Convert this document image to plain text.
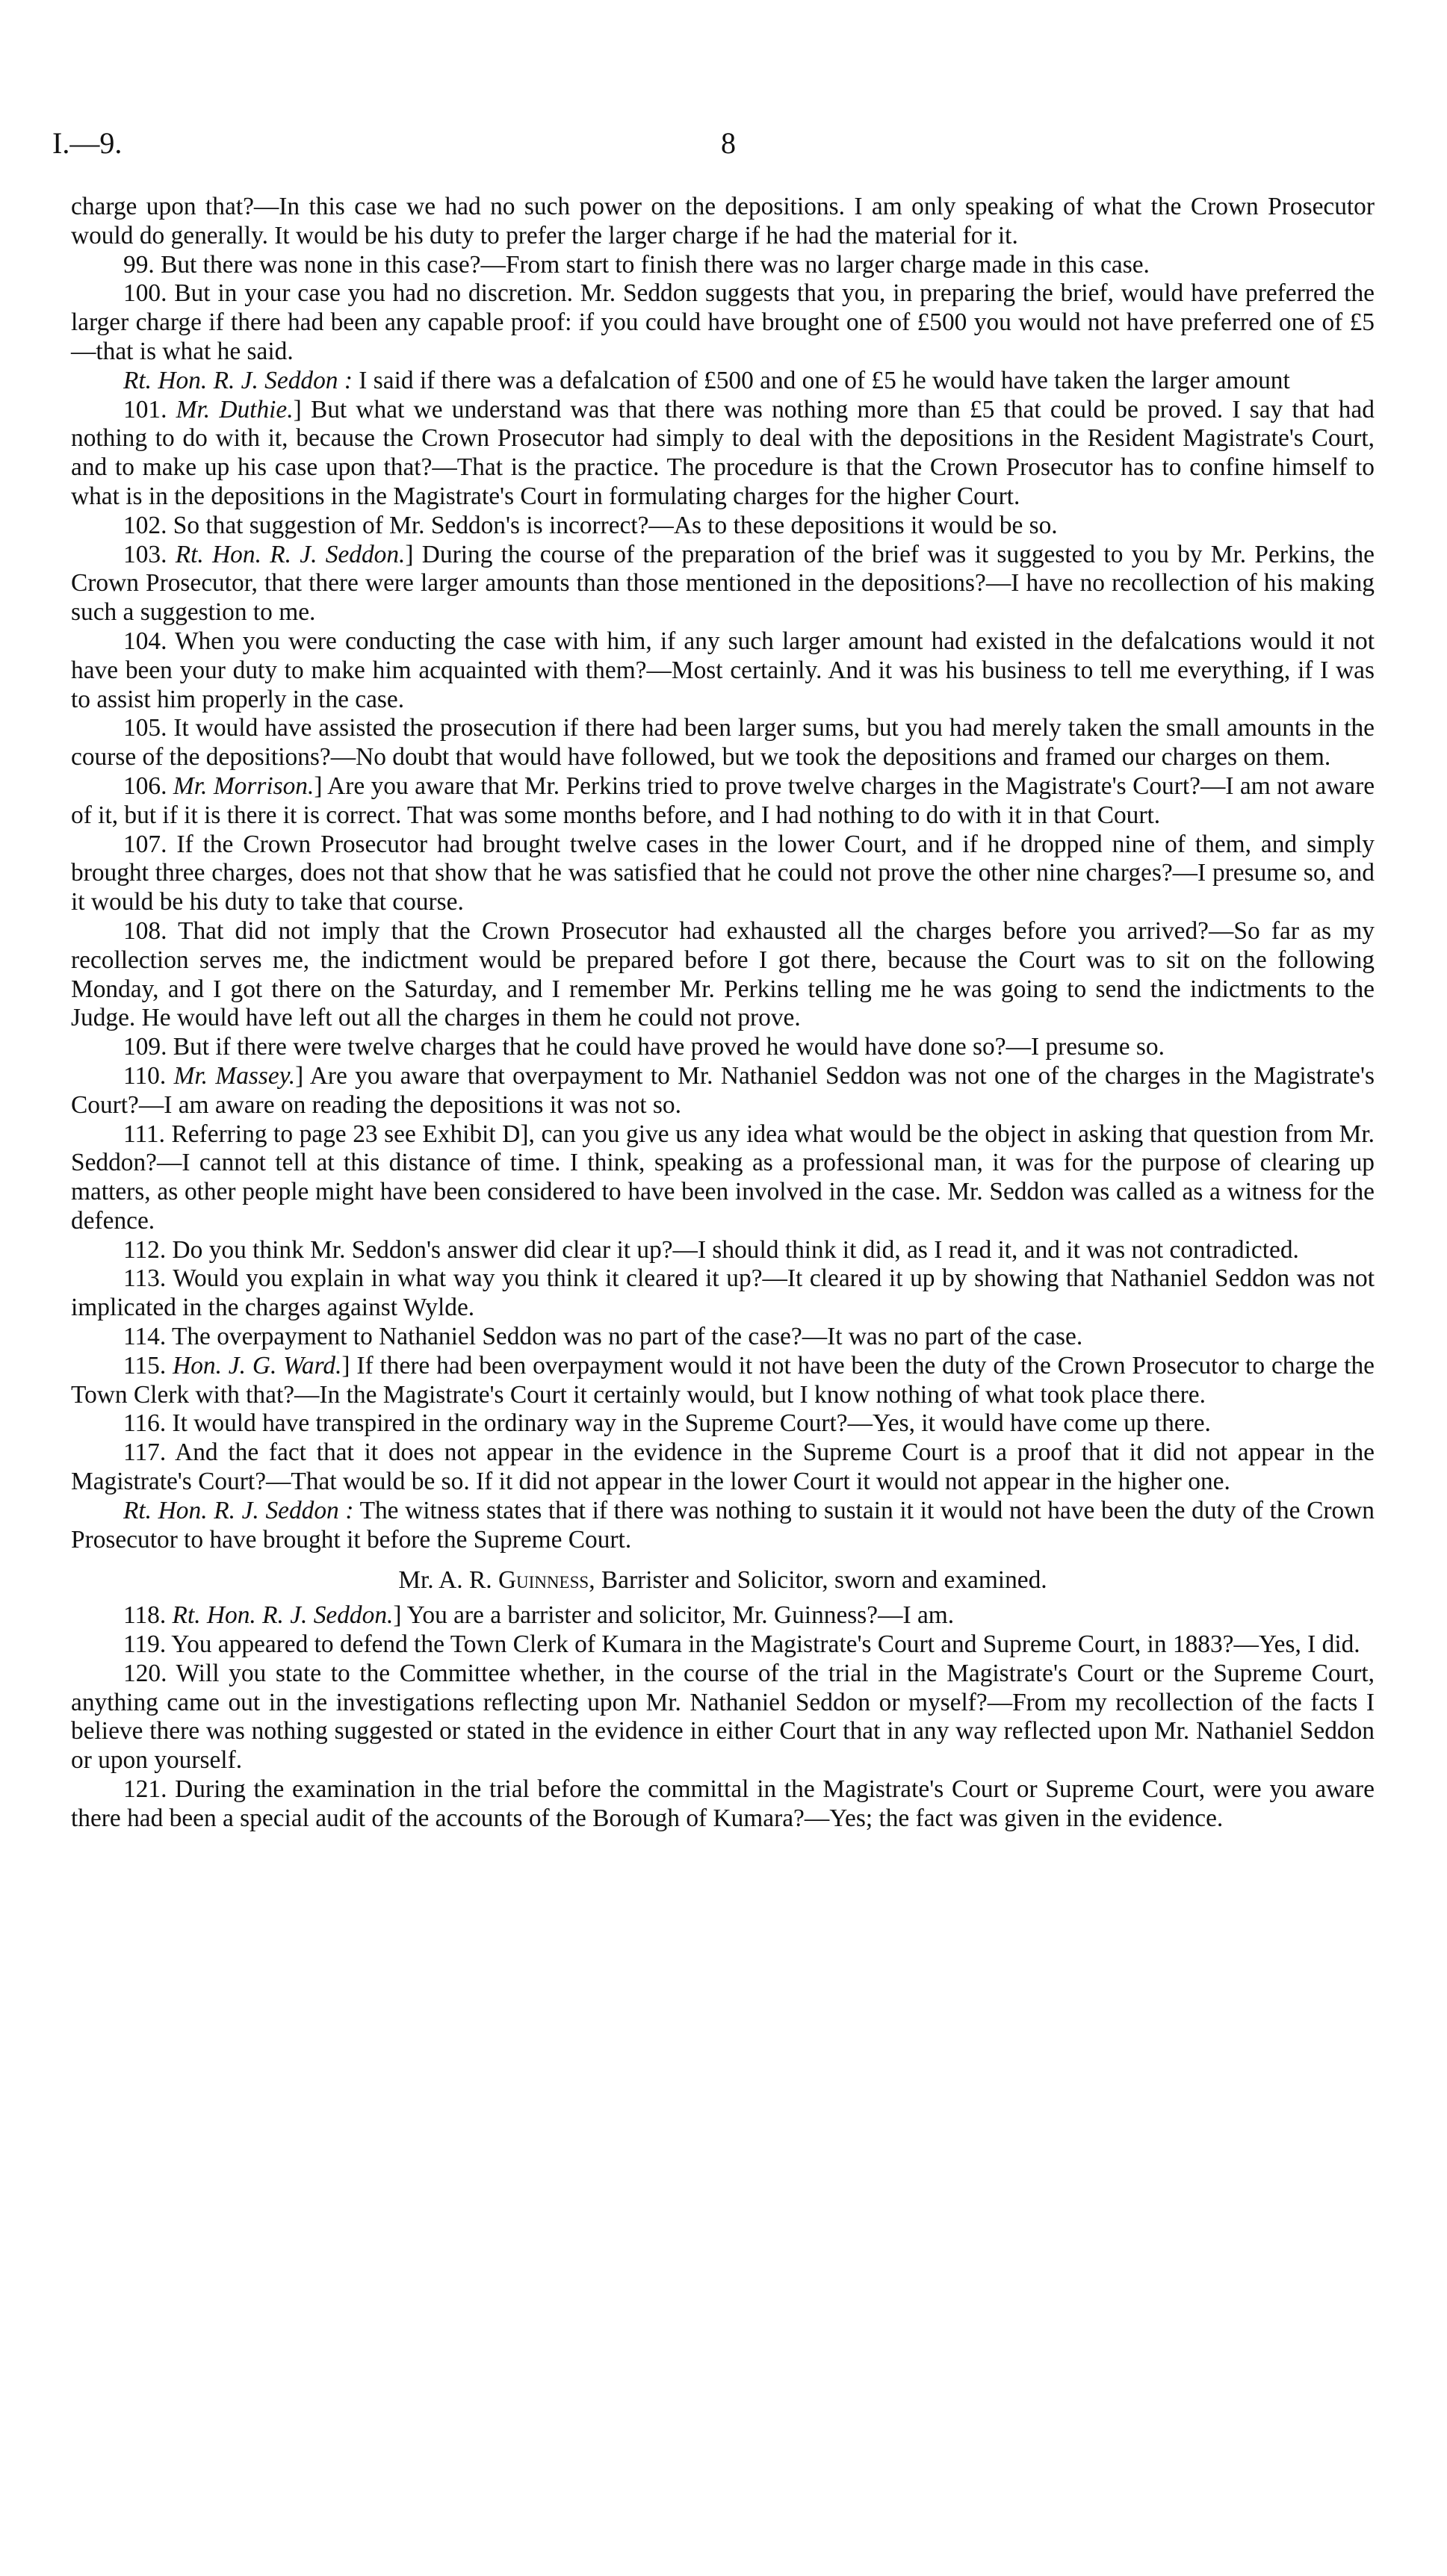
I.—9.	8

charge upon that?—In this case we had no such power on the depositions. I am only speaking of what the Crown Prosecutor would do generally. It would be his duty to prefer the larger charge if he had the material for it.

99. But there was none in this case?—From start to finish there was no larger charge made in this case.

100. But in your case you had no discretion. Mr. Seddon suggests that you, in preparing the brief, would have preferred the larger charge if there had been any capable proof: if you could have brought one of £500 you would not have preferred one of £5—that is what he said.

Rt. Hon. R. J. Seddon : I said if there was a defalcation of £500 and one of £5 he would have taken the larger amount

101. Mr. Duthie.] But what we understand was that there was nothing more than £5 that could be proved. I say that had nothing to do with it, because the Crown Prosecutor had simply to deal with the depositions in the Resident Magistrate's Court, and to make up his case upon that?—That is the practice. The procedure is that the Crown Prosecutor has to confine himself to what is in the depositions in the Magistrate's Court in formulating charges for the higher Court.

102. So that suggestion of Mr. Seddon's is incorrect?—As to these depositions it would be so.

103. Rt. Hon. R. J. Seddon.] During the course of the preparation of the brief was it suggested to you by Mr. Perkins, the Crown Prosecutor, that there were larger amounts than those mentioned in the depositions?—I have no recollection of his making such a suggestion to me.

104. When you were conducting the case with him, if any such larger amount had existed in the defalcations would it not have been your duty to make him acquainted with them?—Most certainly. And it was his business to tell me everything, if I was to assist him properly in the case.

105. It would have assisted the prosecution if there had been larger sums, but you had merely taken the small amounts in the course of the depositions?—No doubt that would have followed, but we took the depositions and framed our charges on them.

106. Mr. Morrison.] Are you aware that Mr. Perkins tried to prove twelve charges in the Magistrate's Court?—I am not aware of it, but if it is there it is correct. That was some months before, and I had nothing to do with it in that Court.

107. If the Crown Prosecutor had brought twelve cases in the lower Court, and if he dropped nine of them, and simply brought three charges, does not that show that he was satisfied that he could not prove the other nine charges?—I presume so, and it would be his duty to take that course.

108. That did not imply that the Crown Prosecutor had exhausted all the charges before you arrived?—So far as my recollection serves me, the indictment would be prepared before I got there, because the Court was to sit on the following Monday, and I got there on the Saturday, and I remember Mr. Perkins telling me he was going to send the indictments to the Judge. He would have left out all the charges in them he could not prove.

109. But if there were twelve charges that he could have proved he would have done so?—I presume so.

110. Mr. Massey.] Are you aware that overpayment to Mr. Nathaniel Seddon was not one of the charges in the Magistrate's Court?—I am aware on reading the depositions it was not so.

111. Referring to page 23 see Exhibit D], can you give us any idea what would be the object in asking that question from Mr. Seddon?—I cannot tell at this distance of time. I think, speaking as a professional man, it was for the purpose of clearing up matters, as other people might have been considered to have been involved in the case. Mr. Seddon was called as a witness for the defence.

112. Do you think Mr. Seddon's answer did clear it up?—I should think it did, as I read it, and it was not contradicted.

113. Would you explain in what way you think it cleared it up?—It cleared it up by showing that Nathaniel Seddon was not implicated in the charges against Wylde.

114. The overpayment to Nathaniel Seddon was no part of the case?—It was no part of the case.

115. Hon. J. G. Ward.] If there had been overpayment would it not have been the duty of the Crown Prosecutor to charge the Town Clerk with that?—In the Magistrate's Court it certainly would, but I know nothing of what took place there.

116. It would have transpired in the ordinary way in the Supreme Court?—Yes, it would have come up there.

117. And the fact that it does not appear in the evidence in the Supreme Court is a proof that it did not appear in the Magistrate's Court?—That would be so. If it did not appear in the lower Court it would not appear in the higher one.

Rt. Hon. R. J. Seddon : The witness states that if there was nothing to sustain it it would not have been the duty of the Crown Prosecutor to have brought it before the Supreme Court.

Mr. A. R. Guinness, Barrister and Solicitor, sworn and examined.

118. Rt. Hon. R. J. Seddon.] You are a barrister and solicitor, Mr. Guinness?—I am.

119. You appeared to defend the Town Clerk of Kumara in the Magistrate's Court and Supreme Court, in 1883?—Yes, I did.

120. Will you state to the Committee whether, in the course of the trial in the Magistrate's Court or the Supreme Court, anything came out in the investigations reflecting upon Mr. Nathaniel Seddon or myself?—From my recollection of the facts I believe there was nothing suggested or stated in the evidence in either Court that in any way reflected upon Mr. Nathaniel Seddon or upon yourself.

121. During the examination in the trial before the committal in the Magistrate's Court or Supreme Court, were you aware there had been a special audit of the accounts of the Borough of Kumara?—Yes; the fact was given in the evidence.
